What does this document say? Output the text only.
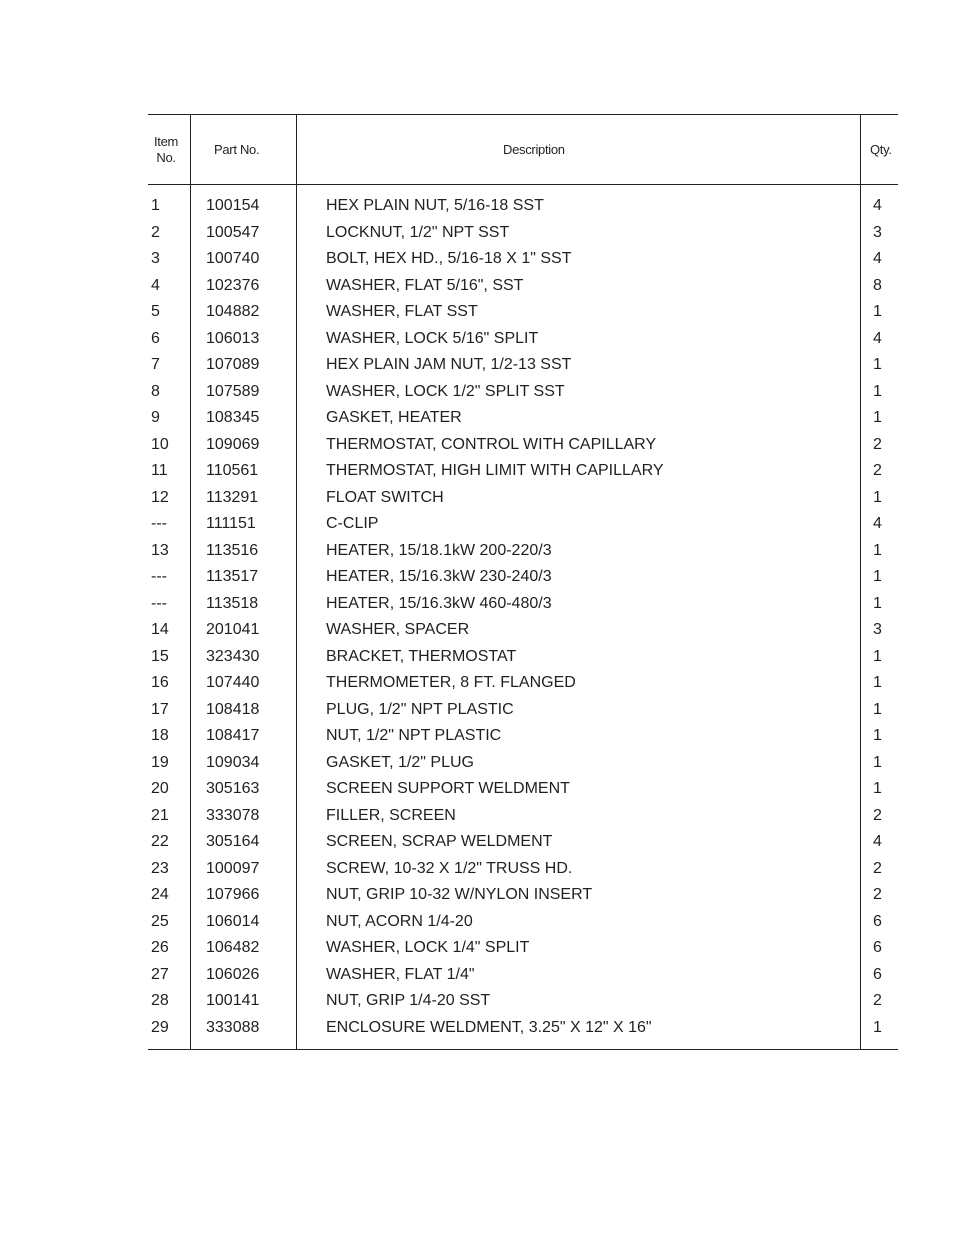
Item
No.
Part No.	Description	Qty.
1	100154	HEX PLAIN NUT, 5/16-18 SST	4
2	100547	LOCKNUT, 1/2" NPT SST	3
3	100740	BOLT, HEX HD., 5/16-18 X 1" SST	4
4	102376	WASHER, FLAT 5/16", SST	8
5	104882	WASHER, FLAT SST	1
6	106013	WASHER, LOCK 5/16" SPLIT	4
7	107089	HEX PLAIN JAM NUT, 1/2-13 SST	1
8	107589	WASHER, LOCK 1/2" SPLIT SST	1
9	108345	GASKET, HEATER	1
10 109069	THERMOSTAT, CONTROL WITH CAPILLARY	2
11 110561	THERMOSTAT, HIGH LIMIT WITH CAPILLARY	2
12 113291	FLOAT SWITCH	1
--- 111151	C-CLIP	4
13 113516	HEATER, 15/18.1kW 200-220/3	1
--- 113517	HEATER, 15/16.3kW 230-240/3	1
--- 113518	HEATER, 15/16.3kW 460-480/3	1
14 201041	WASHER, SPACER	3
15 323430	BRACKET, THERMOSTAT	1
16 107440	THERMOMETER, 8 FT. FLANGED	1
17 108418	PLUG, 1/2" NPT PLASTIC	1
18 108417	NUT, 1/2" NPT PLASTIC	1
19 109034	GASKET, 1/2" PLUG	1
20 305163	SCREEN SUPPORT WELDMENT	1
21 333078	FILLER, SCREEN	2
22 305164	SCREEN, SCRAP WELDMENT	4
23 100097	SCREW, 10-32 X 1/2" TRUSS HD.	2
24 107966	NUT, GRIP 10-32 W/NYLON INSERT	2
25 106014	NUT, ACORN 1/4-20	6
26 106482	WASHER, LOCK 1/4" SPLIT	6
27 106026	WASHER, FLAT 1/4"	6
28 100141	NUT, GRIP 1/4-20 SST	2
29 333088	ENCLOSURE WELDMENT, 3.25" X 12" X 16"	1
